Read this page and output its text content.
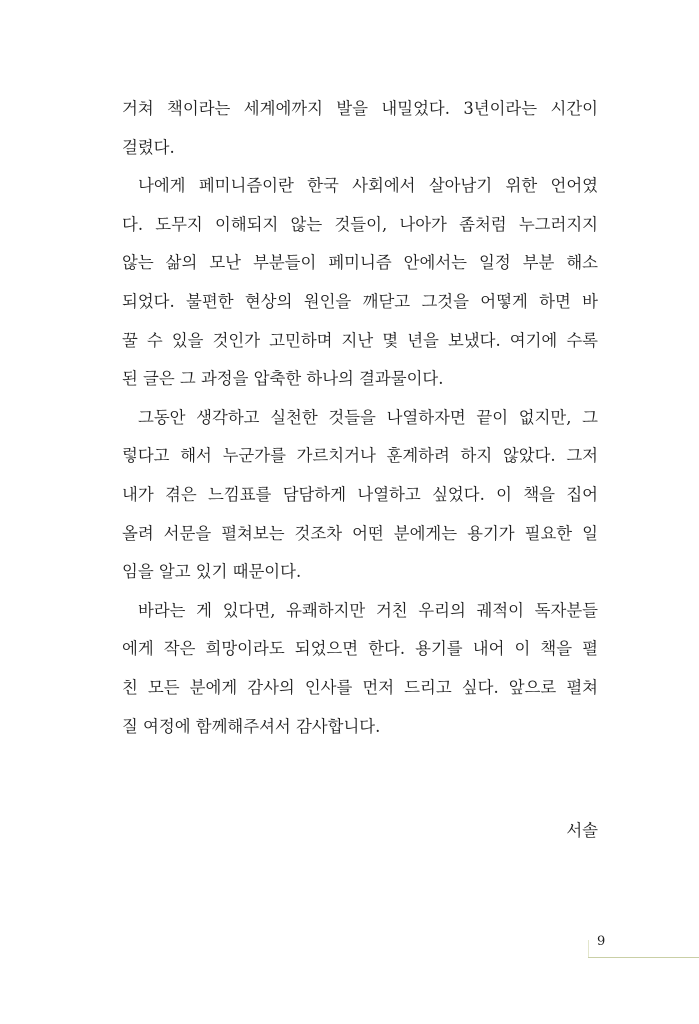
거쳐 책이라는 세계에까지 발을 내밀었다. 3년이라는 시간이
걸렸다.
나에게 페미니즘이란 한국 사회에서 살아남기 위한 언어였
다. 도무지 이해되지 않는 것들이, 나아가 좀처럼 누그러지지
않는 삶의 모난 부분들이 페미니즘 안에서는 일정 부분 해소
되었다. 불편한 현상의 원인을 깨닫고 그것을 어떻게 하면 바
꿀 수 있을 것인가 고민하며 지난 몇 년을 보냈다. 여기에 수록
된 글은 그 과정을 압축한 하나의 결과물이다.
그동안 생각하고 실천한 것들을 나열하자면 끝이 없지만, 그
렇다고 해서 누군가를 가르치거나 훈계하려 하지 않았다. 그저
내가 겪은 느낌표를 담담하게 나열하고 싶었다. 이 책을 집어
올려 서문을 펼쳐보는 것조차 어떤 분에게는 용기가 필요한 일
임을 알고 있기 때문이다.
바라는 게 있다면, 유쾌하지만 거친 우리의 궤적이 독자분들
에게 작은 희망이라도 되었으면 한다. 용기를 내어 이 책을 펼
친 모든 분에게 감사의 인사를 먼저 드리고 싶다. 앞으로 펼쳐
질 여정에 함께해주셔서 감사합니다.
서솔
9
